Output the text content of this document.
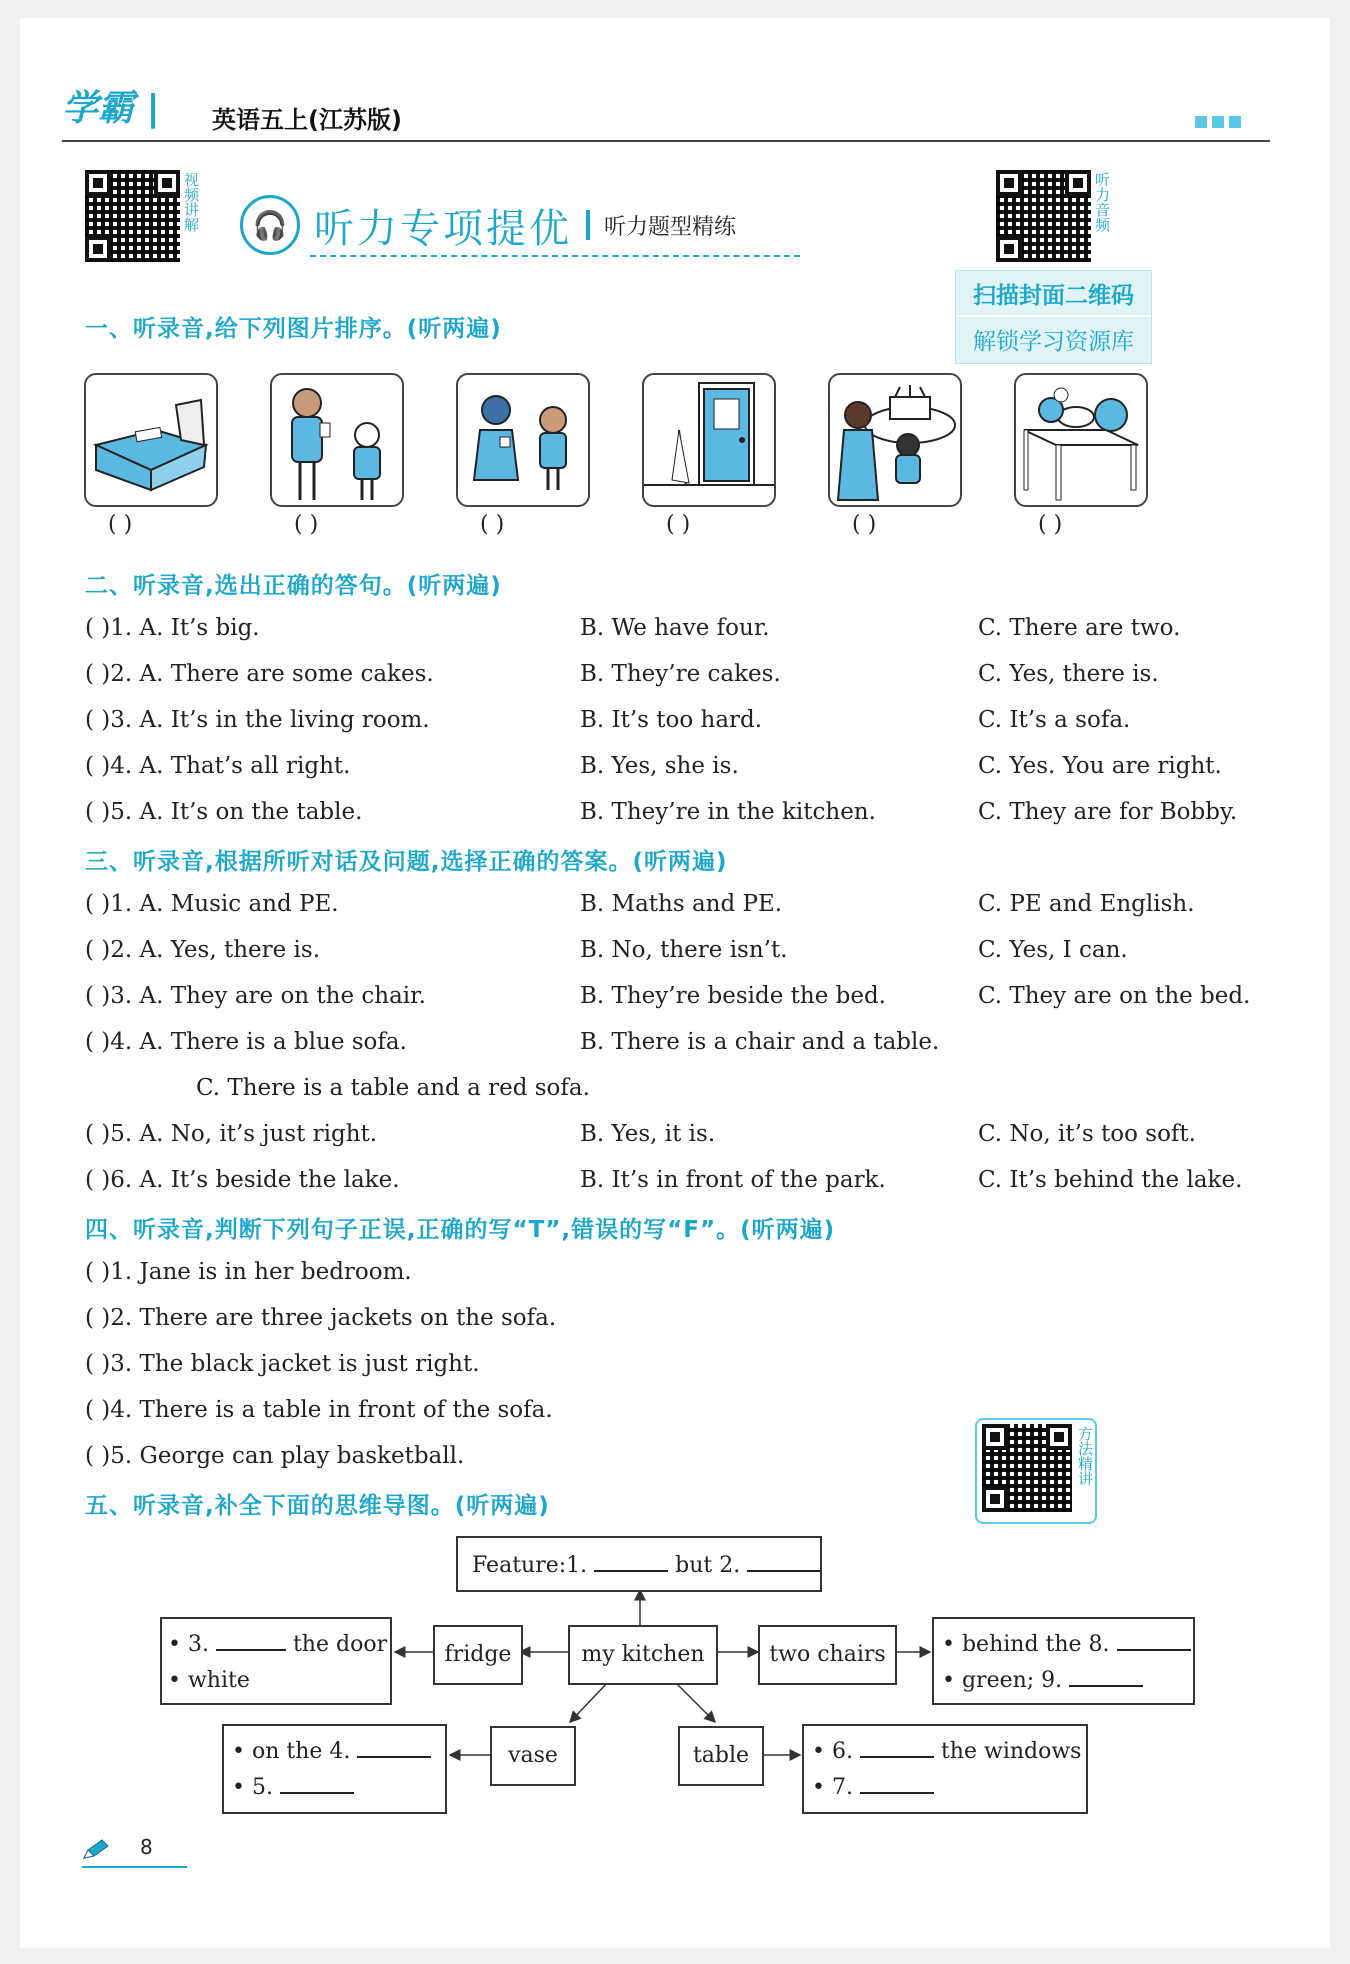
学霸 | 英语五上(江苏版)
视频讲解	🎧 听力专项提优 听力题型精练	听力音频
扫描封面二维码
解锁学习资源库
一、听录音,给下列图片排序。(听两遍)
( )	( )	( )	( )	( )	( )
二、听录音,选出正确的答句。(听两遍)
( )1. A. It’s big.	B. We have four.	C. There are two.
( )2. A. There are some cakes.	B. They’re cakes.	C. Yes, there is.
( )3. A. It’s in the living room.	B. It’s too hard.	C. It’s a sofa.
( )4. A. That’s all right.	B. Yes, she is.	C. Yes. You are right.
( )5. A. It’s on the table.	B. They’re in the kitchen.	C. They are for Bobby.
三、听录音,根据所听对话及问题,选择正确的答案。(听两遍)
( )1. A. Music and PE.	B. Maths and PE.	C. PE and English.
( )2. A. Yes, there is.	B. No, there isn’t.	C. Yes, I can.
( )3. A. They are on the chair.	B. They’re beside the bed.	C. They are on the bed.
( )4. A. There is a blue sofa.	B. There is a chair and a table.
C. There is a table and a red sofa.
( )5. A. No, it’s just right.	B. Yes, it is.	C. No, it’s too soft.
( )6. A. It’s beside the lake.	B. It’s in front of the park.	C. It’s behind the lake.
四、听录音,判断下列句子正误,正确的写“T”,错误的写“F”。(听两遍)
( )1. Jane is in her bedroom.
( )2. There are three jackets on the sofa.
( )3. The black jacket is just right.
( )4. There is a table in front of the sofa.
( )5. George can play basketball.	方法精讲
五、听录音,补全下面的思维导图。(听两遍)
Feature:1.	but 2.
my kitchen
fridge	two chairs
vase	table
• 3.	the door
• white
• behind the 8.
• green; 9.
• on the 4.
• 5.
• 6.	the windows
• 7.
8
